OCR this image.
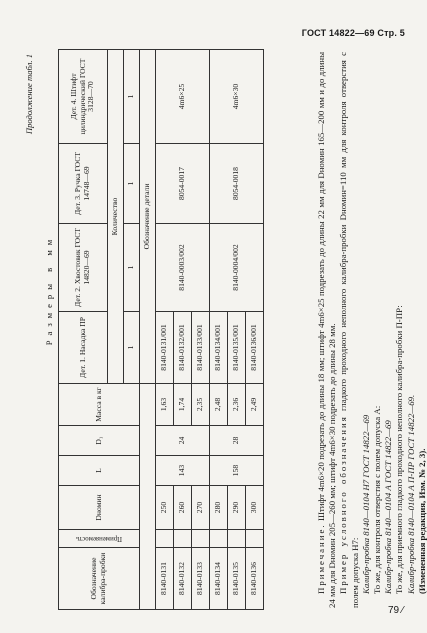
ГОСТ 14822—69 Стр. 5
Продолжение табл. 1
Размеры в мм
Обозначение калибра-пробки	Применяемость	Dномин	L	D₁	Масса в кг	Дет. 1. Насадка ПР	Дет. 2. Хвостовик ГОСТ 14820—69	Дет. 3. Ручка ГОСТ 14748—69	Дет. 4. Штифт цилиндрический ГОСТ 3128—70
						Количество			
						1	1	1	1
						Обозначение детали			
8140-0131		250	143	24	1,63	8140-0131/001	8140-0003/002	8054-0017	4m6×25
8140-0132		260			1,74	8140-0132/001			
8140-0133		270			2,35	8140-0133/001			
8140-0134		280	158	28	2,48	8140-0134/001	8140-0004/002	8054-0018	4m6×30
8140-0135		290			2,36	8140-0135/001			
8140-0136		300			2,49	8140-0136/001			

Примечание. Штифт 4m6×20 подрезать до длины 18 мм; штифт 4m6×25 подрезать до длины 22 мм для Dномин 165—200 мм и до длины 24 мм для Dномин 205—260 мм; штифт 4m6×30 подрезать до длины 28 мм. Пример условного обозначения гладкого проходного неполного калибра-пробки Dномин=110 мм для контроля отверстия с полем допуска H7: Калибр-пробка 8140—0104 H7 ГОСТ 14822—69 То же, для контроля отверстия с полем допуска А: Калибр-пробка 8140—0104 А ГОСТ 14822—69 То же, для приемного гладкого проходного неполного калибра-пробки П-ПР: Калибр-пробка 8140—0104 А П-ПР ГОСТ 14822—69. (Измененная редакция, Изм. № 2, 3).

79 ⁄
